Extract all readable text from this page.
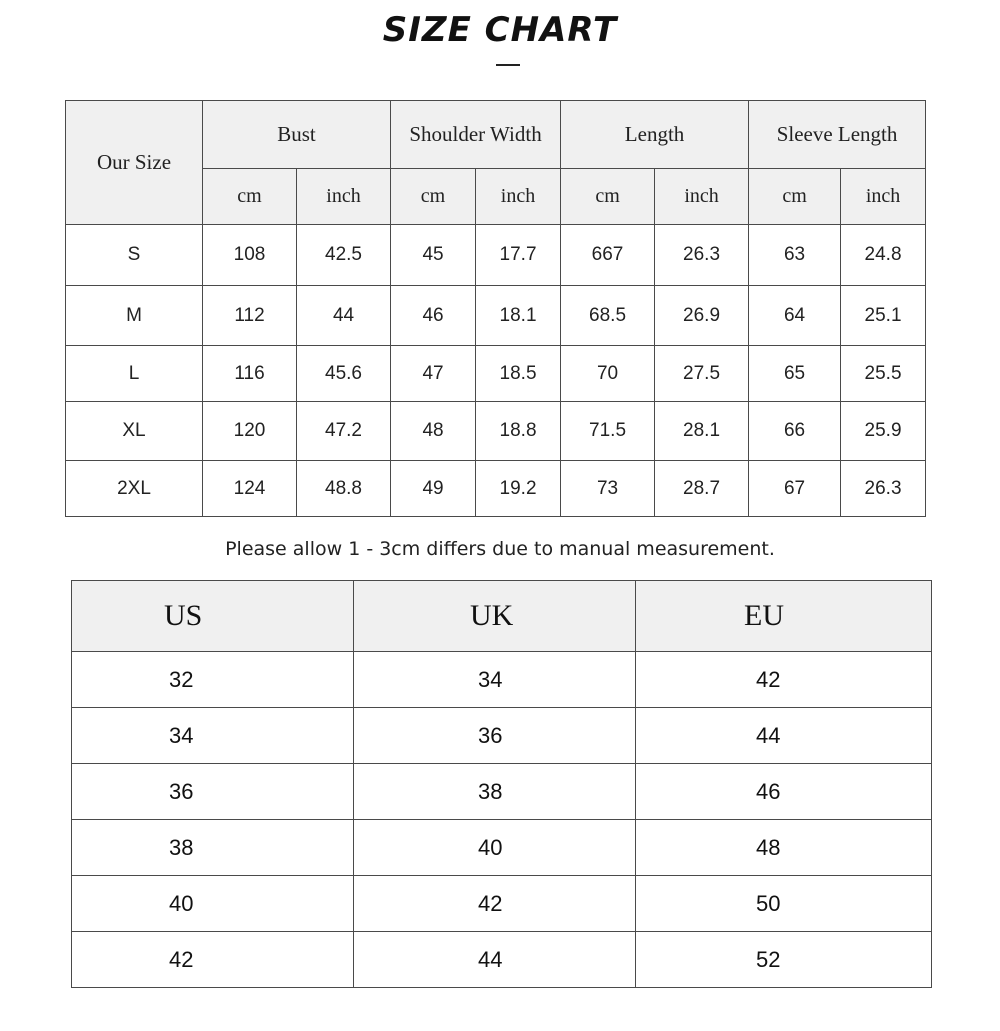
SIZE CHART
Our Size	Bust		Shoulder Width		Length		Sleeve Length	
	cm	inch	cm	inch	cm	inch	cm	inch
S	108	42.5	45	17.7	667	26.3	63	24.8
M	112	44	46	18.1	68.5	26.9	64	25.1
L	116	45.6	47	18.5	70	27.5	65	25.5
XL	120	47.2	48	18.8	71.5	28.1	66	25.9
2XL	124	48.8	49	19.2	73	28.7	67	26.3
Please allow 1 - 3cm differs due to manual measurement.
US	UK	EU
32	34	42
34	36	44
36	38	46
38	40	48
40	42	50
42	44	52
